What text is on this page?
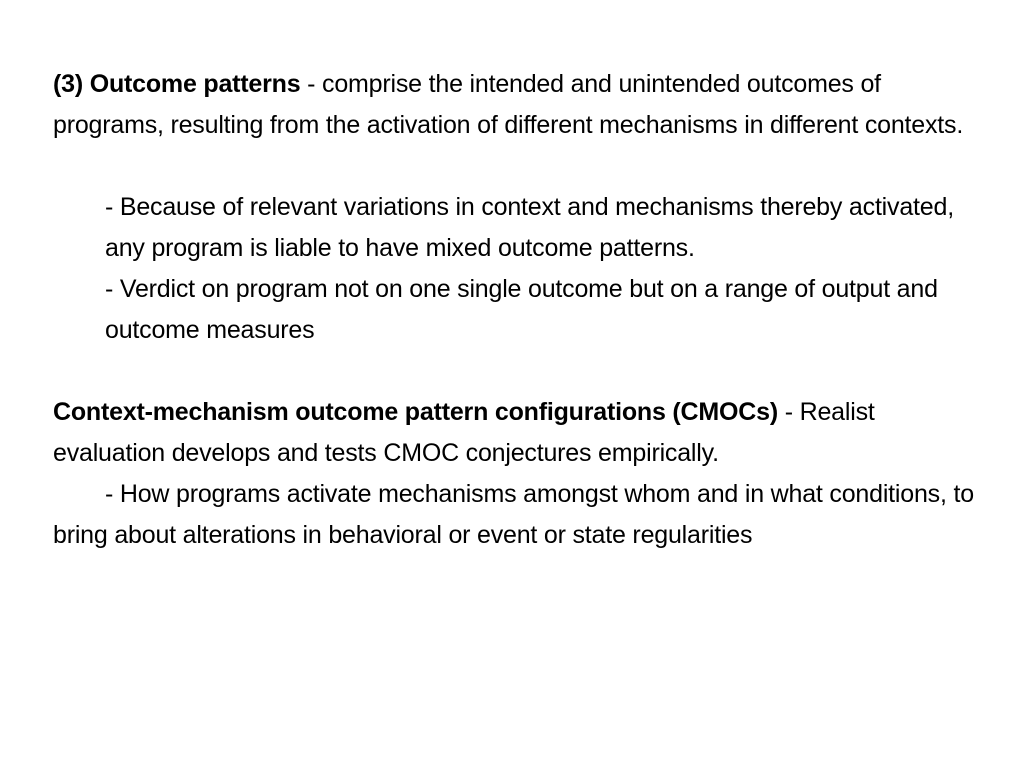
(3) Outcome patterns - comprise the intended and unintended outcomes of programs, resulting from the activation of different mechanisms in different contexts.

- Because of relevant variations in context and mechanisms thereby activated, any program is liable to have mixed outcome patterns.

- Verdict on program not on one single outcome but on a range of output and outcome measures

Context-mechanism outcome pattern configurations (CMOCs) - Realist evaluation develops and tests CMOC conjectures empirically.

- How programs activate mechanisms amongst whom and in what conditions, to bring about alterations in behavioral or event or state regularities
